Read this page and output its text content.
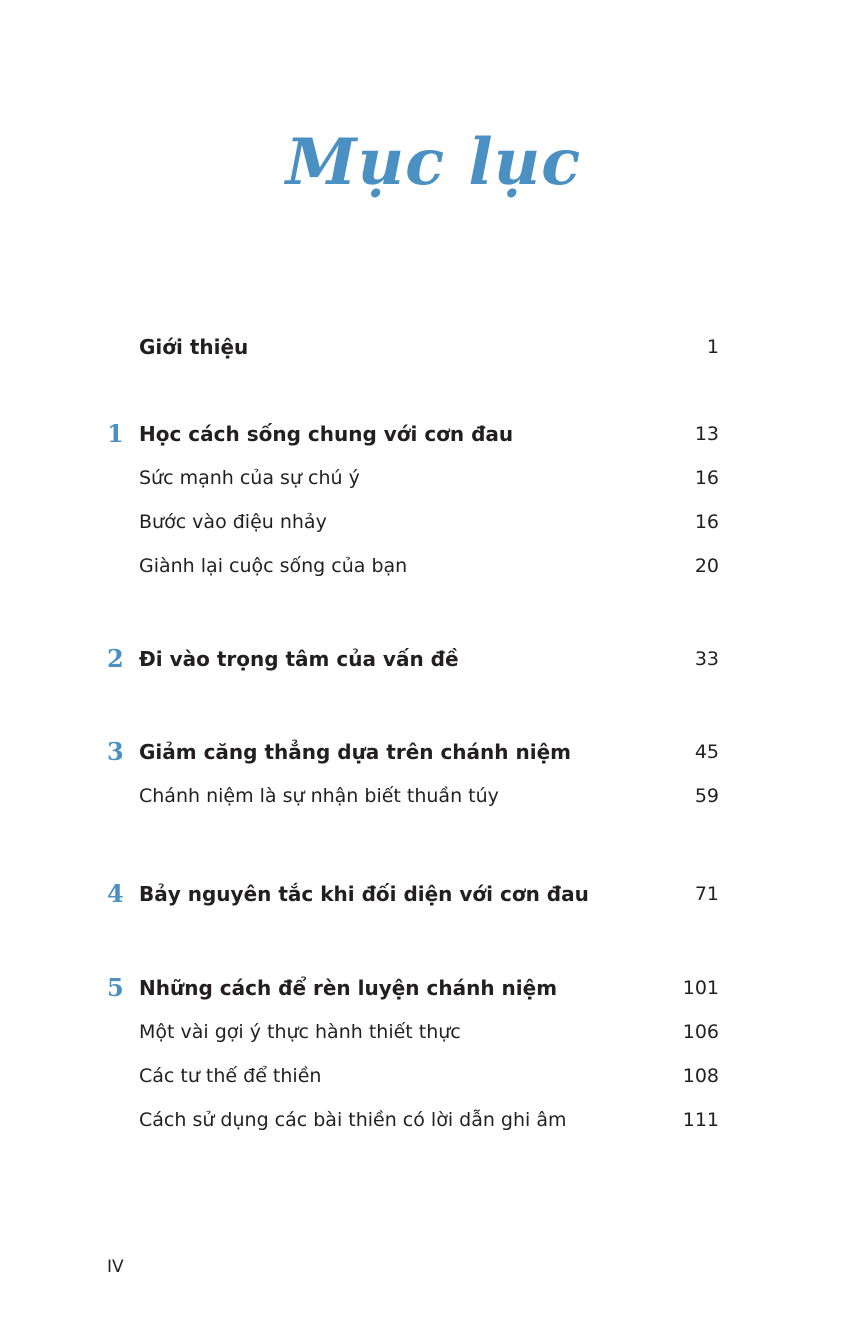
Mục lục
Giới thiệu	1
1 Học cách sống chung với cơn đau	13
Sức mạnh của sự chú ý	16
Bước vào điệu nhảy	16
Giành lại cuộc sống của bạn	20
2 Đi vào trọng tâm của vấn đề	33
3 Giảm căng thẳng dựa trên chánh niệm	45
Chánh niệm là sự nhận biết thuần túy	59
4 Bảy nguyên tắc khi đối diện với cơn đau	71
5 Những cách để rèn luyện chánh niệm	101
Một vài gợi ý thực hành thiết thực	106
Các tư thế để thiền	108
Cách sử dụng các bài thiền có lời dẫn ghi âm	111
IV
